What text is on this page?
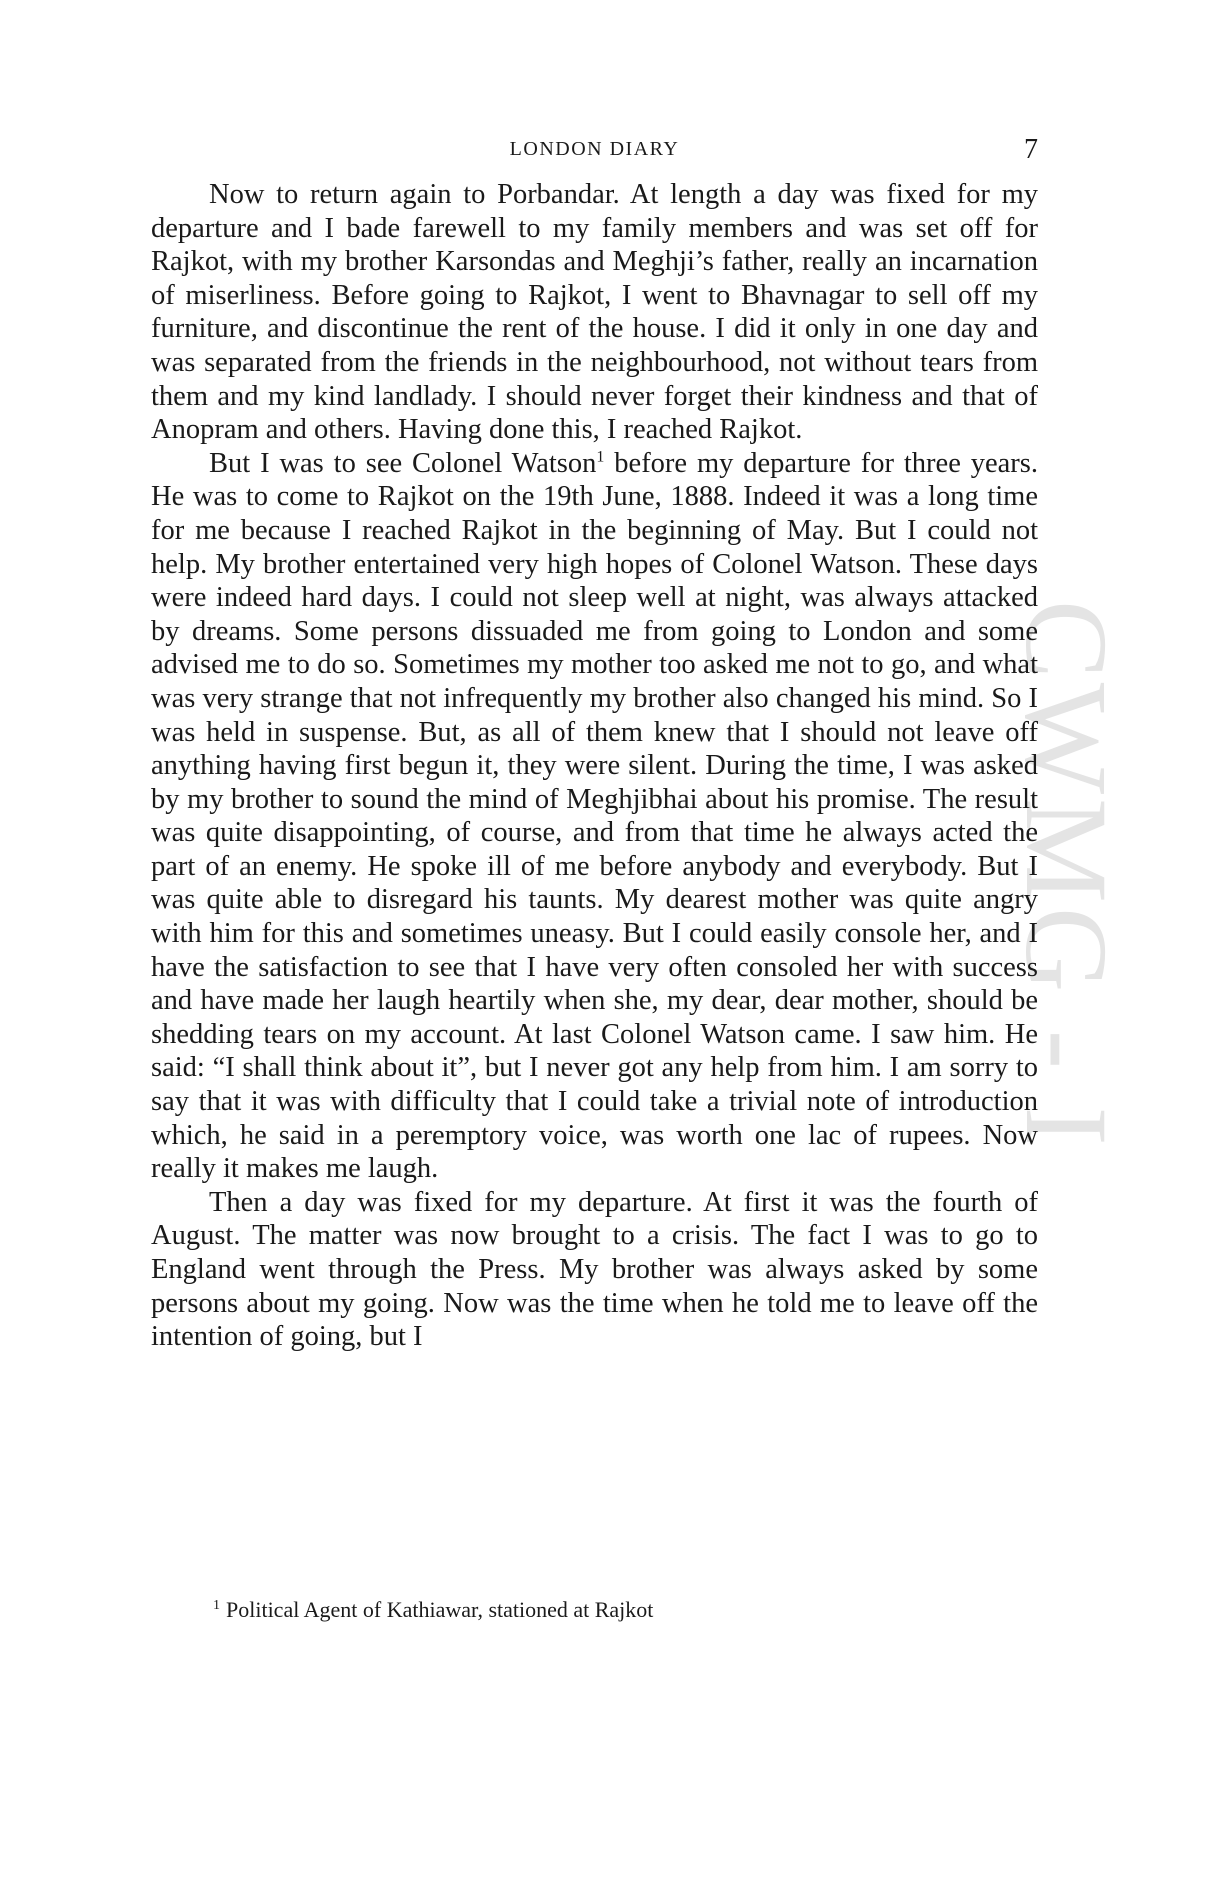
CWMG - I
LONDON DIARY	7

Now to return again to Porbandar. At length a day was fixed for my departure and I bade farewell to my family members and was set off for Rajkot, with my brother Karsondas and Meghji’s father, really an incarnation of miserliness. Before going to Rajkot, I went to Bhavnagar to sell off my furniture, and discontinue the rent of the house. I did it only in one day and was separated from the friends in the neighbourhood, not without tears from them and my kind landlady. I should never forget their kindness and that of Anopram and others. Having done this, I reached Rajkot.

But I was to see Colonel Watson$^1$ before my departure for three years. He was to come to Rajkot on the 19th June, 1888. Indeed it was a long time for me because I reached Rajkot in the beginning of May. But I could not help. My brother entertained very high hopes of Colonel Watson. These days were indeed hard days. I could not sleep well at night, was always attacked by dreams. Some persons dissuaded me from going to London and some advised me to do so. Sometimes my mother too asked me not to go, and what was very strange that not infrequently my brother also changed his mind. So I was held in suspense. But, as all of them knew that I should not leave off anything having first begun it, they were silent. During the time, I was asked by my brother to sound the mind of Meghjibhai about his promise. The result was quite disappointing, of course, and from that time he always acted the part of an enemy. He spoke ill of me before anybody and everybody. But I was quite able to disregard his taunts. My dearest mother was quite angry with him for this and sometimes uneasy. But I could easily console her, and I have the satisfaction to see that I have very often consoled her with success and have made her laugh heartily when she, my dear, dear mother, should be shedding tears on my account. At last Colonel Watson came. I saw him. He said: “I shall think about it”, but I never got any help from him. I am sorry to say that it was with difficulty that I could take a trivial note of introduction which, he said in a peremptory voice, was worth one lac of rupees. Now really it makes me laugh.

Then a day was fixed for my departure. At first it was the fourth of August. The matter was now brought to a crisis. The fact I was to go to England went through the Press. My brother was always asked by some persons about my going. Now was the time when he told me to leave off the intention of going, but I

$^1$ Political Agent of Kathiawar, stationed at Rajkot
